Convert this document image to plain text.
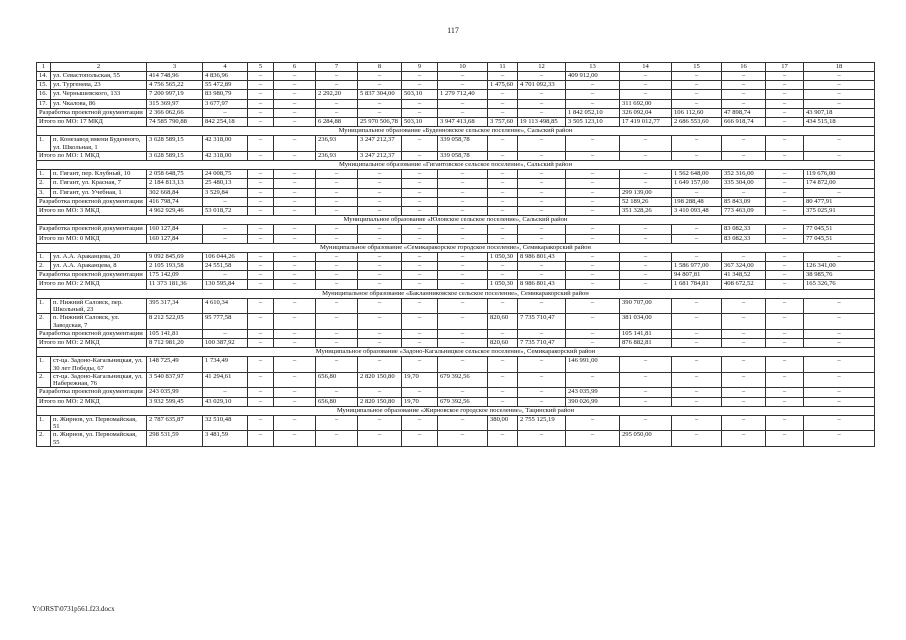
117
1	2	3	4	5	6	7	8	9	10	11	12	13	14	15	16	17	18
14.	ул. Севастопольская, 55	414 748,96	4 836,96	–	–	–	–	–	–	–	–	409 912,00	–	–	–	–	–
15.	ул. Тургенева, 23	4 756 565,22	55 472,89	–	–	–	–	–	–	1 475,60	4 701 092,33	–	–	–	–	–	–
16.	ул. Чернышевского, 133	7 200 997,19	83 980,79	–	–	2 292,20	5 837 304,00	503,10	1 279 712,40	–	–	–	–	–	–	–	–
17.	ул. Чкалова, 86	315 369,97	3 677,97	–	–	–	–	–	–	–	–	–	311 692,00	–	–	–	–
Разработка проектной документации		2 366 062,66	–	–	–	–	–	–	–	–	–	1 842 052,10	326 092,04	106 112,60	47 898,74	–	43 907,18
Итого по МО: 17 МКД		74 585 790,88	842 254,18	–	–	6 284,88	25 970 506,78	503,10	3 947 413,68	3 757,60	19 113 498,85	3 505 123,10	17 419 012,77	2 686 553,60	666 918,74	–	434 515,18
Муниципальное образование «Буденновское сельское поселение», Сальский район																	
1.	п. Конезавод имени Буденного, ул. Школьная, 1	3 628 589,15	42 318,00	–	–	236,93	3 247 212,37	–	339 058,78	–	–	–	–	–	–	–	–
Итого по МО: 1 МКД		3 628 589,15	42 318,00	–	–	236,93	3 247 212,37	–	339 058,78	–	–	–	–	–	–	–	–
Муниципальное образование «Гигантовское сельское поселение», Сальский район																	
1.	п. Гигант, пер. Клубный, 10	2 058 648,75	24 008,75	–	–	–	–	–	–	–	–	–	–	1 562 648,00	352 316,00	–	119 676,00
2.	п. Гигант, ул. Красная, 7	2 184 813,13	25 480,13	–	–	–	–	–	–	–	–	–	–	1 649 157,00	335 304,00	–	174 872,00
3.	п. Гигант, ул. Учебная, 1	302 668,84	3 529,84	–	–	–	–	–	–	–	–	–	299 139,00	–	–	–	–
Разработка проектной документации		416 798,74	–	–	–	–	–	–	–	–	–	–	52 189,26	198 288,48	85 843,09	–	80 477,91
Итого по МО: 3 МКД		4 962 929,46	53 018,72	–	–	–	–	–	–	–	–	–	351 328,26	3 410 093,48	773 463,09	–	375 025,91
Муниципальное образование «Юловское сельское поселение», Сальский район																	
Разработка проектной документации		160 127,84	–	–	–	–	–	–	–	–	–	–	–	–	83 082,33	–	77 045,51
Итого по МО: 0 МКД		160 127,84	–	–	–	–	–	–	–	–	–	–	–	–	83 082,33	–	77 045,51
Муниципальное образование «Семикаракорское городское поселение», Семикаракорский район																	
1.	ул. А.А. Араканцева, 20	9 092 845,69	106 044,26	–	–	–	–	–	–	1 050,30	8 986 801,43	–	–	–	–	–	–
2.	ул. А.А. Араканцева, 8	2 105 193,58	24 551,58	–	–	–	–	–	–	–	–	–	–	1 586 977,00	367 324,00	–	126 341,00
Разработка проектной документации		175 142,09	–	–	–	–	–	–	–	–	–	–	–	94 807,81	41 348,52	–	38 985,76
Итого по МО: 2 МКД		11 373 181,36	130 595,84	–	–	–	–	–	–	1 050,30	8 986 801,43	–	–	1 681 784,81	408 672,52	–	165 326,76
Муниципальное образование «Бакланниковское сельское поселение», Семикаракорский район																	
1.	п. Нижний Саловск, пер. Школьный, 23	395 317,34	4 610,34	–	–	–	–	–	–	–	–	–	390 707,00	–	–	–	–
2.	п. Нижний Саловск, ул. Заводская, 7	8 212 522,05	95 777,58	–	–	–	–	–	–	820,60	7 735 710,47	–	381 034,00	–	–	–	–
Разработка проектной документации		105 141,81	–	–	–	–	–	–	–	–	–	–	105 141,81	–	–	–	–
Итого по МО: 2 МКД		8 712 981,20	100 387,92	–	–	–	–	–	–	820,60	7 735 710,47	–	876 882,81	–	–	–	–
Муниципальное образование «Задоно-Кагальницкое сельское поселение», Семикаракорский район																	
1.	ст-ца. Задоно-Кагальницкая, ул. 30 лет Победы, 67	148 725,49	1 734,49	–	–	–	–	–	–	–	–	146 991,00	–	–	–	–	–
2.	ст-ца. Задоно-Кагальницкая, ул. Набережная, 76	3 540 837,97	41 294,61	–	–	656,80	2 820 150,80	19,70	679 392,56	–	–	–	–	–	–	–	–
Разработка проектной документации		243 035,99	–	–	–	–	–	–	–	–	–	243 035,99	–	–	–	–	–
Итого по МО: 2 МКД		3 932 599,45	43 029,10	–	–	656,80	2 820 150,80	19,70	679 392,56	–	–	390 026,99	–	–	–	–	–
Муниципальное образование «Жирновское городское поселение», Тацинский район																	
1.	п. Жирнов, ул. Первомайская, 51	2 787 635,87	32 510,48	–	–	–	–	–	–	380,00	2 755 125,19	–	–	–	–	–	–
2.	п. Жирнов, ул. Первомайская, 55	298 531,59	3 481,59	–	–	–	–	–	–	–	–	–	295 050,00	–	–	–	–
Y:\ORST\0731p561.f23.docx
